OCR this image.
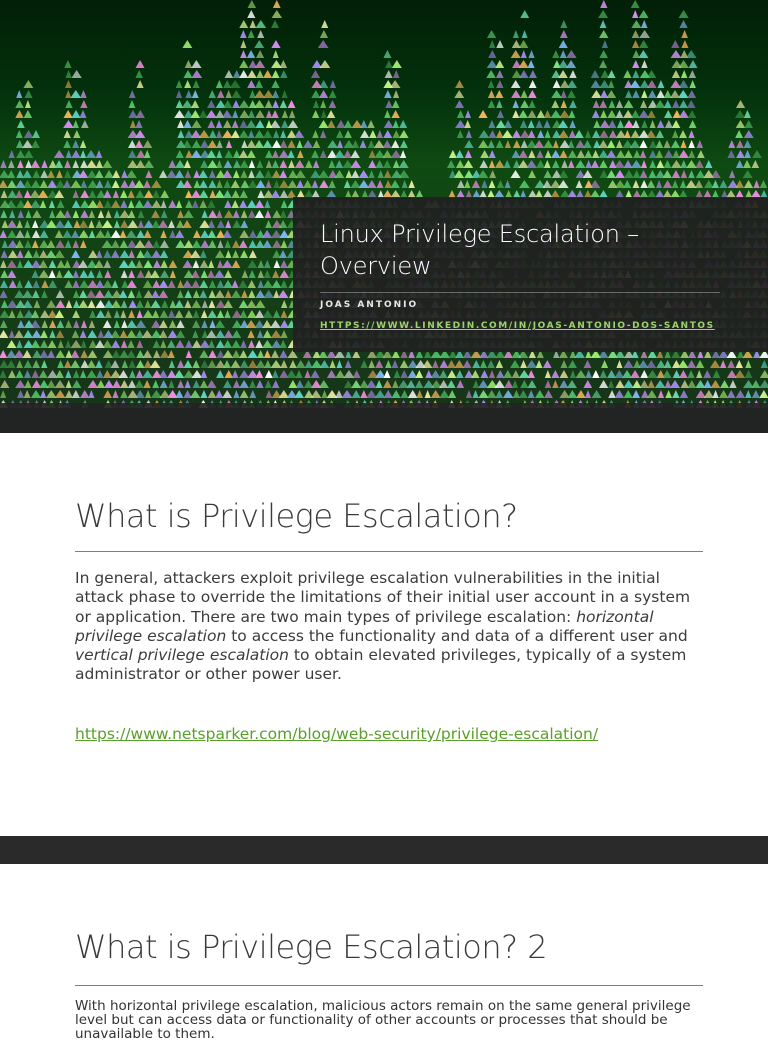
Linux Privilege Escalation – Overview
JOAS ANTONIO
HTTPS://WWW.LINKEDIN.COM/IN/JOAS-ANTONIO-DOS-SANTOS
What is Privilege Escalation?
In general, attackers exploit privilege escalation vulnerabilities in the initial attack phase to override the limitations of their initial user account in a system or application. There are two main types of privilege escalation: horizontal privilege escalation to access the functionality and data of a different user and vertical privilege escalation to obtain elevated privileges, typically of a system administrator or other power user.
https://www.netsparker.com/blog/web-security/privilege-escalation/
What is Privilege Escalation? 2
With horizontal privilege escalation, malicious actors remain on the same general privilege level but can access data or functionality of other accounts or processes that should be unavailable to them.
